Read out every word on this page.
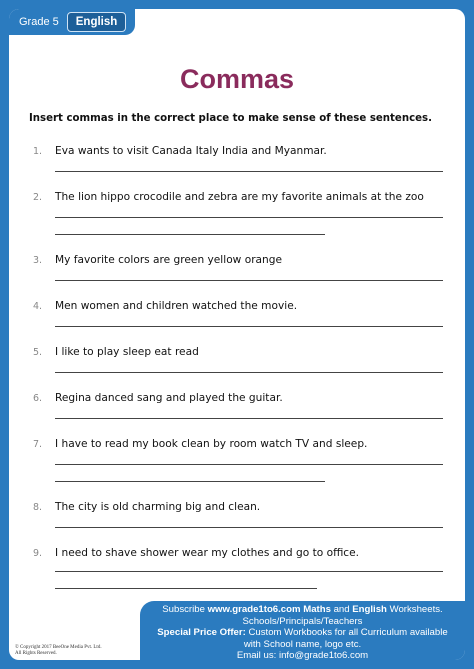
Grade 5	English
Commas
Insert commas in the correct place to make sense of these sentences.
1. Eva wants to visit Canada Italy India and Myanmar.
2. The lion hippo crocodile and zebra are my favorite animals at the zoo
3. My favorite colors are green yellow orange
4. Men women and children watched the movie.
5. I like to play sleep eat read
6. Regina danced sang and played the guitar.
7. I have to read my book clean by room watch TV and sleep.
8. The city is old charming big and clean.
9. I need to shave shower wear my clothes and go to office.
Subscribe www.grade1to6.com Maths and English Worksheets.
Schools/Principals/Teachers
Special Price Offer: Custom Workbooks for all Curriculum available
with School name, logo etc.
Email us: info@grade1to6.com
© Copyright 2017 BeeOne Media Pvt. Ltd.
All Rights Reserved.
